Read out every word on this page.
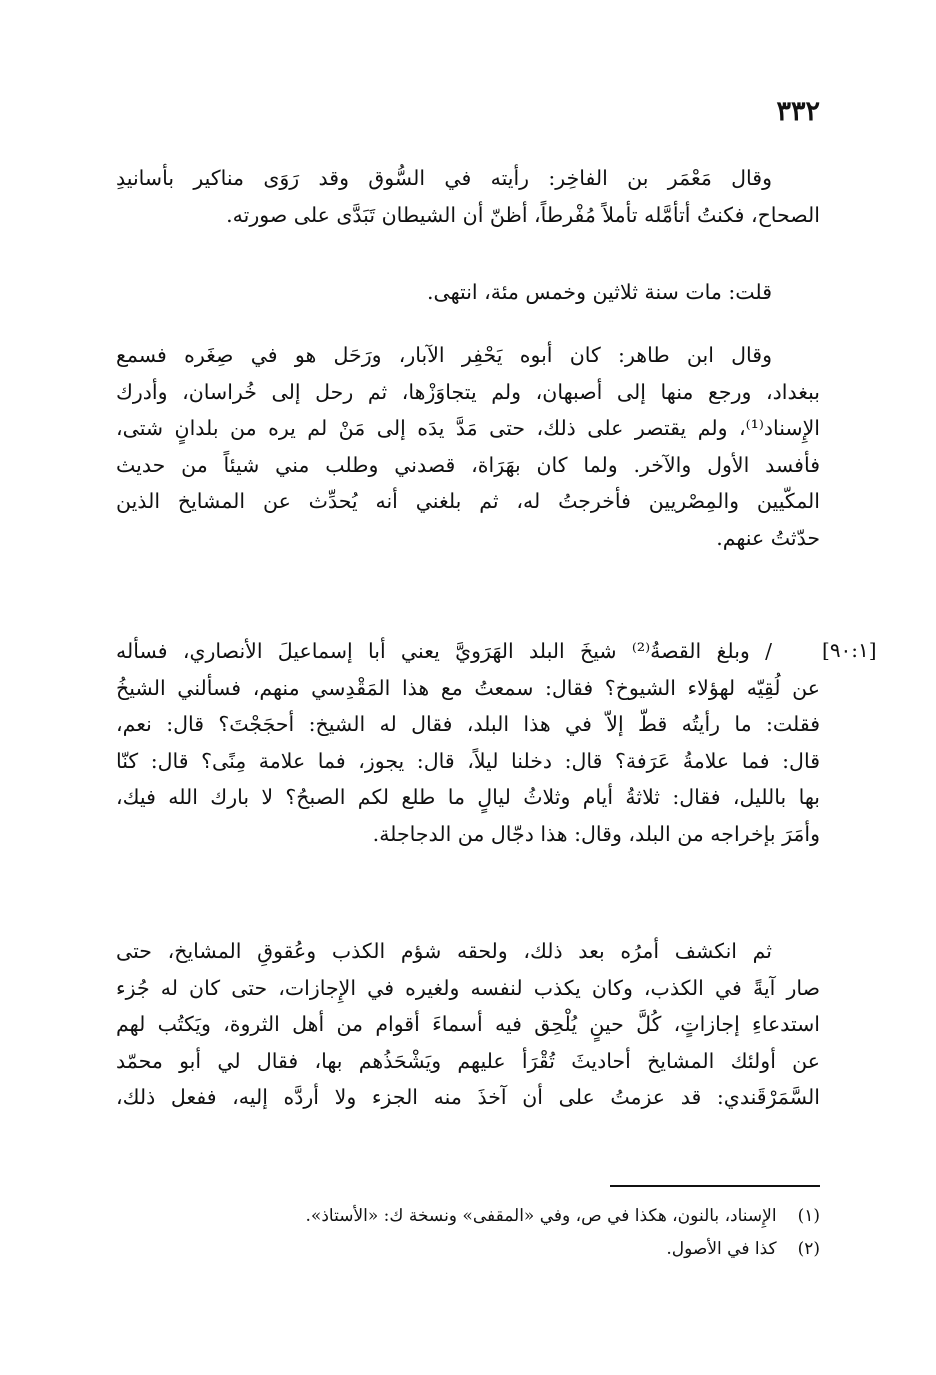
٣٣٢
وقال مَعْمَر بن الفاخِر: رأيته في السُّوق وقد رَوَى مناكير بأسانيدِ
الصحاح، فكنتُ أتأمَّله تأملاً مُفْرطاً، أظنّ أن الشيطان تَبَدَّى على صورته.
قلت: مات سنة ثلاثين وخمس مئة، انتهى.
وقال ابن طاهر: كان أبوه يَحْفِر الآبار، ورَحَل هو في صِغَره فسمع
ببغداد، ورجع منها إلى أصبهان، ولم يتجاوَزْها، ثم رحل إلى خُراسان، وأدرك
الإِسناد⁽¹⁾، ولم يقتصر على ذلك، حتى مَدَّ يدَه إلى مَنْ لم يره من بلدانٍ شتى،
فأفسد الأول والآخر. ولما كان بهَرَاة، قصدني وطلب مني شيئاً من حديث
المكّيين والمِصْريين فأخرجتُ له، ثم بلغني أنه يُحدِّث عن المشايخ الذين
حدّثتُ عنهم.
[٩٠:١]
/ وبلغ القصةُ⁽²⁾ شيخَ البلد الهَرَويَّ يعني أبا إسماعيلَ الأنصاري، فسأله
عن لُقِيّه لهؤلاء الشيوخ؟ فقال: سمعتُ مع هذا المَقْدِسي منهم، فسألني الشيخُ
فقلت: ما رأيتُه قطّ إلاّ في هذا البلد، فقال له الشيخ: أحجَجْتَ؟ قال: نعم،
قال: فما علامةُ عَرَفة؟ قال: دخلنا ليلاً، قال: يجوز، فما علامة مِنًى؟ قال: كنّا
بها بالليل، فقال: ثلاثةُ أيام وثلاثُ ليالٍ ما طلع لكم الصبحُ؟ لا بارك الله فيك،
وأمَرَ بإخراجه من البلد، وقال: هذا دجّال من الدجاجلة.
ثم انكشف أمرُه بعد ذلك، ولحقه شؤم الكذب وعُقوقِ المشايخ، حتى
صار آيةً في الكذب، وكان يكذب لنفسه ولغيره في الإِجازات، حتى كان له جُزء
استدعاءِ إجازاتٍ، كُلَّ حينٍ يُلْحِق فيه أسماءَ أقوام من أهل الثروة، ويَكتُب لهم
عن أولئك المشايخ أحاديثَ تُقْرَأ عليهم ويَشْحَذُهم بها، فقال لي أبو محمّد
السَّمَرْقَندي: قد عزمتُ على أن آخذَ منه الجزء ولا أردَّه إليه، ففعل ذلك،
(١) الإِسناد، بالنون، هكذا في ص، وفي «المقفى» ونسخة ك: «الأستاذ».
(٢) كذا في الأصول.
